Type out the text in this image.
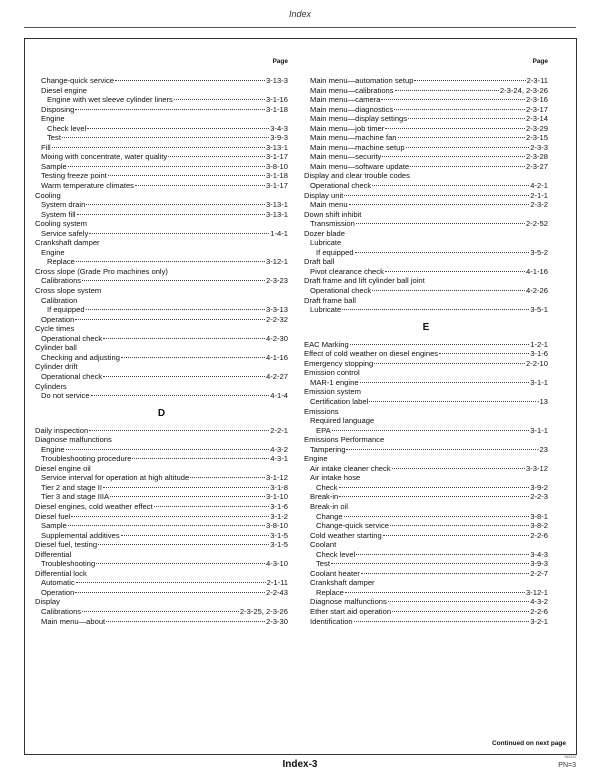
Index
Page
Change-quick service	3-13-3
Diesel engine
Engine with wet sleeve cylinder liners	3-1-16
Disposing	3-1-18
Engine
Check level	3-4-3
Test	3-9-3
Fill	3-13-1
Mixing with concentrate, water quality	3-1-17
Sample	3-8-10
Testing freeze point	3-1-18
Warm temperature climates	3-1-17
Cooling
System drain	3-13-1
System fill	3-13-1
Cooling system
Service safely	1-4-1
Crankshaft damper
Engine
Replace	3-12-1
Cross slope (Grade Pro machines only)
Calibrations	2-3-23
Cross slope system
Calibration
If equipped	3-3-13
Operation	2-2-32
Cycle times
Operational check	4-2-30
Cylinder ball
Checking and adjusting	4-1-16
Cylinder drift
Operational check	4-2-27
Cylinders
Do not service	4-1-4
D
Daily inspection	2-2-1
Diagnose malfunctions
Engine	4-3-2
Troubleshooting procedure	4-3-1
Diesel engine oil
Service interval for operation at high altitude	3-1-12
Tier 2 and stage II	3-1-8
Tier 3 and stage IIIA	3-1-10
Diesel engines, cold weather effect	3-1-6
Diesel fuel	3-1-2
Sample	3-8-10
Supplemental additives	3-1-5
Diesel fuel, testing	3-1-5
Differential
Troubleshooting	4-3-10
Differential lock
Automatic	2-1-11
Operation	2-2-43
Display
Calibrations	2-3-25, 2-3-26
Main menu—about	2-3-30
Page
Main menu—automation setup	2-3-11
Main menu—calibrations	2-3-24, 2-3-26
Main menu—camera	2-3-16
Main menu—diagnostics	2-3-17
Main menu—display settings	2-3-14
Main menu—job timer	2-3-29
Main menu—machine fan	2-3-15
Main menu—machine setup	2-3-3
Main menu—security	2-3-28
Main menu—software update	2-3-27
Display and clear trouble codes
Operational check	4-2-1
Display unit	2-1-1
Main menu	2-3-2
Down shift inhibit
Transmission	2-2-52
Dozer blade
Lubricate
If equipped	3-5-2
Draft ball
Pivot clearance check	4-1-16
Draft frame and lift cylinder ball joint
Operational check	4-2-26
Draft frame ball
Lubricate	3-5-1
E
EAC Marking	1-2-1
Effect of cold weather on diesel engines	3-1-6
Emergency stopping	2-2-10
Emission control
MAR-1 engine	3-1-1
Emission system
Certification label	-13
Emissions
Required language
EPA	3-1-1
Emissions Performance
Tampering	-23
Engine
Air intake cleaner check	3-3-12
Air intake hose
Check	3-9-2
Break-in	2-2-3
Break-in oil
Change	3-8-1
Change-quick service	3-8-2
Cold weather starting	2-2-6
Coolant
Check level	3-4-3
Test	3-9-3
Coolant heater	2-2-7
Crankshaft damper
Replace	3-12-1
Diagnose malfunctions	4-3-2
Ether start aid operation	2-2-6
Identification	3-2-1
Continued on next page
Index-3
060324
PN=3
